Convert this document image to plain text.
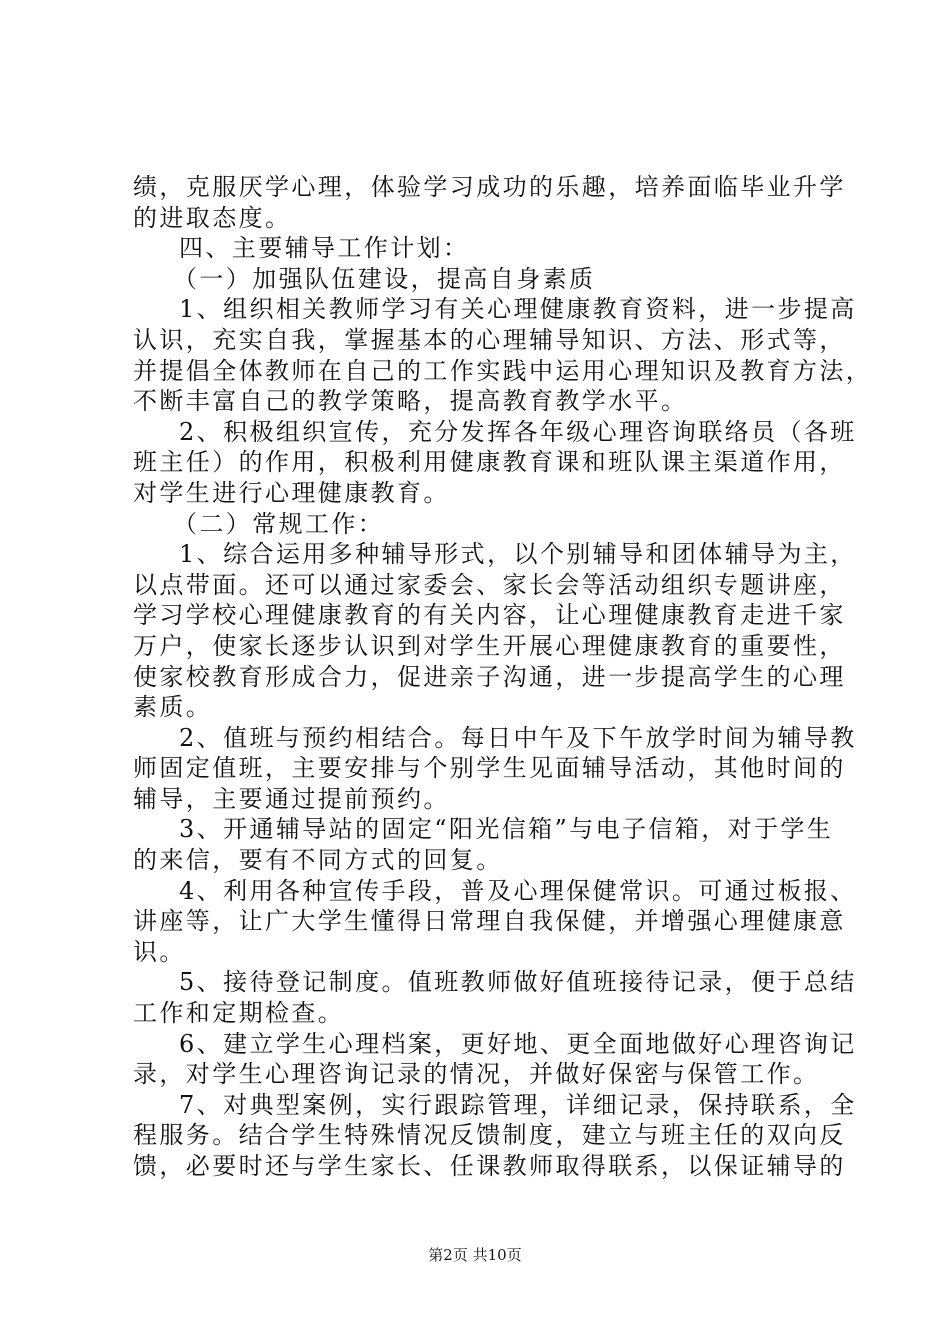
绩，克服厌学心理，体验学习成功的乐趣，培养面临毕业升学
的进取态度。
四、主要辅导工作计划：
（一）加强队伍建设，提高自身素质
1、组织相关教师学习有关心理健康教育资料，进一步提高
认识，充实自我，掌握基本的心理辅导知识、方法、形式等，
并提倡全体教师在自己的工作实践中运用心理知识及教育方法，
不断丰富自己的教学策略，提高教育教学水平。
2、积极组织宣传，充分发挥各年级心理咨询联络员（各班
班主任）的作用，积极利用健康教育课和班队课主渠道作用，
对学生进行心理健康教育。
（二）常规工作：
1、综合运用多种辅导形式，以个别辅导和团体辅导为主，
以点带面。还可以通过家委会、家长会等活动组织专题讲座，
学习学校心理健康教育的有关内容，让心理健康教育走进千家
万户，使家长逐步认识到对学生开展心理健康教育的重要性，
使家校教育形成合力，促进亲子沟通，进一步提高学生的心理
素质。
2、值班与预约相结合。每日中午及下午放学时间为辅导教
师固定值班，主要安排与个别学生见面辅导活动，其他时间的
辅导，主要通过提前预约。
3、开通辅导站的固定“阳光信箱”与电子信箱，对于学生
的来信，要有不同方式的回复。
4、利用各种宣传手段，普及心理保健常识。可通过板报、
讲座等，让广大学生懂得日常理自我保健，并增强心理健康意
识。
5、接待登记制度。值班教师做好值班接待记录，便于总结
工作和定期检查。
6、建立学生心理档案，更好地、更全面地做好心理咨询记
录，对学生心理咨询记录的情况，并做好保密与保管工作。
7、对典型案例，实行跟踪管理，详细记录，保持联系，全
程服务。结合学生特殊情况反馈制度，建立与班主任的双向反
馈，必要时还与学生家长、任课教师取得联系，以保证辅导的
第2页 共10页
